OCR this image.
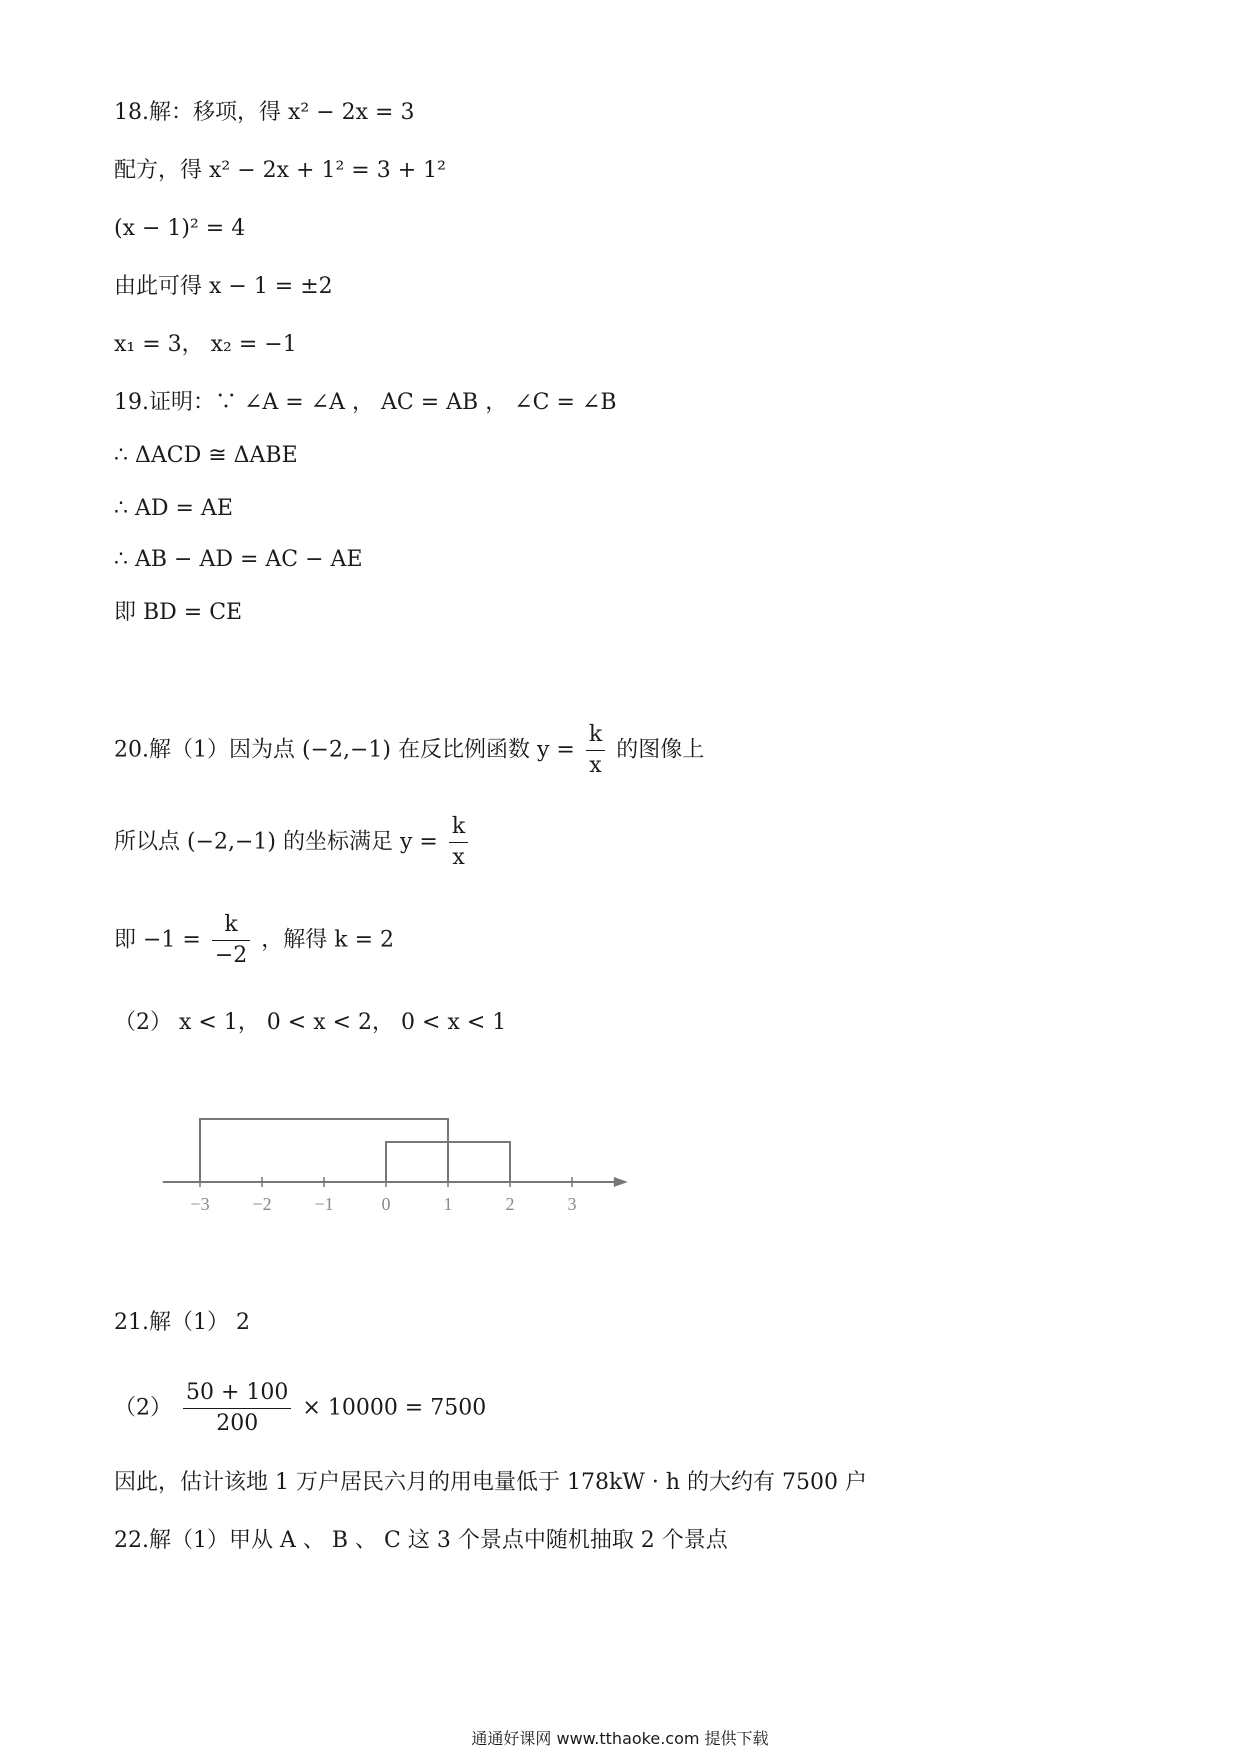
18.解：移项，得 x² − 2x = 3
配方，得 x² − 2x + 1² = 3 + 1²
(x − 1)² = 4
由此可得 x − 1 = ±2
x₁ = 3， x₂ = −1
19.证明：∵ ∠A = ∠A ， AC = AB ， ∠C = ∠B
∴ ΔACD ≅ ΔABE
∴ AD = AE
∴ AB − AD = AC − AE
即 BD = CE
20.解（1）因为点 (−2,−1) 在反比例函数 $y = \frac{k}{x}$ 的图像上
所以点 (−2,−1) 的坐标满足 $y = \frac{k}{x}$
即 $-1 = \frac{k}{-2}$ ，解得 k = 2
（2） x < 1， 0 < x < 2， 0 < x < 1
−3 −2 −1	0	1	2	3
21.解（1） 2
$(2) \frac{50 + 100}{200} \times 10000 = 7500$
因此，估计该地 1 万户居民六月的用电量低于 178kW · h 的大约有 7500 户
22.解（1）甲从 A 、 B 、 C 这 3 个景点中随机抽取 2 个景点
通通好课网 www.tthaoke.com 提供下载
